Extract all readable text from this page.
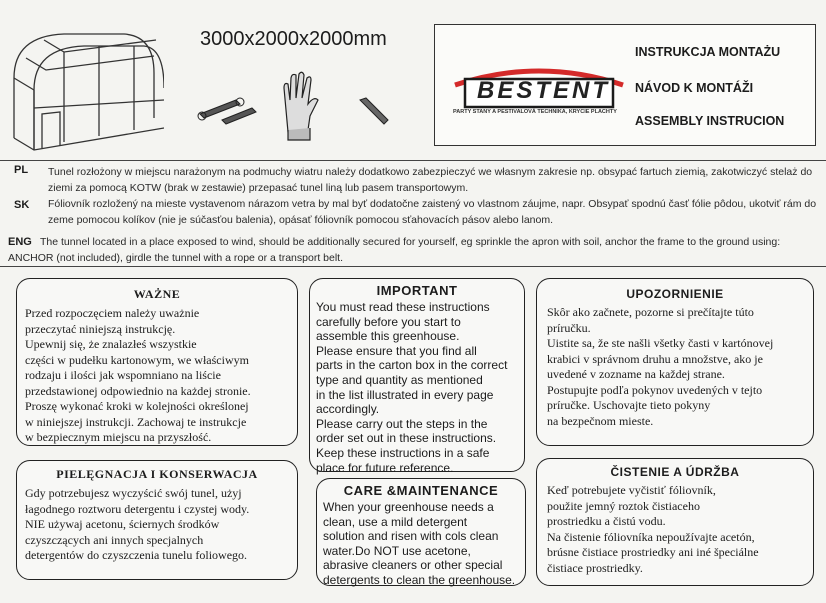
3000x2000x2000mm
BESTENT
PARTY STANY A PESTIVALOVÁ TECHNIKA, KRYCIE PLACHTY
INSTRUKCJA MONTAŻU
NÁVOD K MONTÁŽI
ASSEMBLY INSTRUCION
PL	Tunel rozłożony w miejscu narażonym na podmuchy wiatru należy dodatkowo zabezpieczyć we własnym zakresie np. obsypać fartuch ziemią, zakotwiczyć stelaż do ziemi za pomocą KOTW (brak w zestawie) przepasać tunel liną lub pasem transportowym.
SK	Fóliovník rozložený na mieste vystavenom nárazom vetra by mal byť dodatočne zaistený vo vlastnom záujme, napr. Obsypať spodnú časť fólie pôdou, ukotviť rám do zeme pomocou kolíkov (nie je súčasťou balenia), opásať fóliovník pomocou sťahovacích pásov alebo lanom.
ENG The tunnel located in a place exposed to wind, should be additionally secured for yourself, eg sprinkle the apron with soil, anchor the frame to the ground using: ANCHOR (not included), girdle the tunnel with a rope or a transport belt.
WAŻNE
Przed rozpoczęciem należy uważnie
przeczytać niniejszą instrukcję.
Upewnij się, że znalazłeś wszystkie
części w pudełku kartonowym, we właściwym
rodzaju i ilości jak wspomniano na liście
przedstawionej odpowiednio na każdej stronie.
Proszę wykonać kroki w kolejności określonej
w niniejszej instrukcji. Zachowaj te instrukcje
w bezpiecznym miejscu na przyszłość.
PIELĘGNACJA I KONSERWACJA
Gdy potrzebujesz wyczyścić swój tunel, użyj
łagodnego roztworu detergentu i czystej wody.
NIE używaj acetonu, ściernych środków
czyszczących ani innych specjalnych
detergentów do czyszczenia tunelu foliowego.
IMPORTANT
You must read these instructions
carefully before you start to
assemble this greenhouse.
Please ensure that you find all
parts in the carton box in the correct
type and quantity as mentioned
in the list illustrated in every page
accordingly.
Please carry out the steps in the
order set out in these instructions.
Keep these instructions in a safe
place for future reference.
CARE &MAINTENANCE
When your greenhouse needs a
clean, use a mild detergent
solution and risen with cols clean
water.Do NOT use acetone,
abrasive cleaners or other special
detergents to clean the greenhouse.
UPOZORNIENIE
Skôr ako začnete, pozorne si prečítajte túto
príručku.
Uistite sa, že ste našli všetky časti v kartónovej
krabici v správnom druhu a množstve, ako je
uvedené v zozname na každej strane.
Postupujte podľa pokynov uvedených v tejto
príručke. Uschovajte tieto pokyny
na bezpečnom mieste.
ČISTENIE A ÚDRŽBA
Keď potrebujete vyčistiť fóliovník,
použite jemný roztok čistiaceho
prostriedku a čistú vodu.
Na čistenie fóliovníka nepoužívajte acetón,
brúsne čistiace prostriedky ani iné špeciálne
čistiace prostriedky.
